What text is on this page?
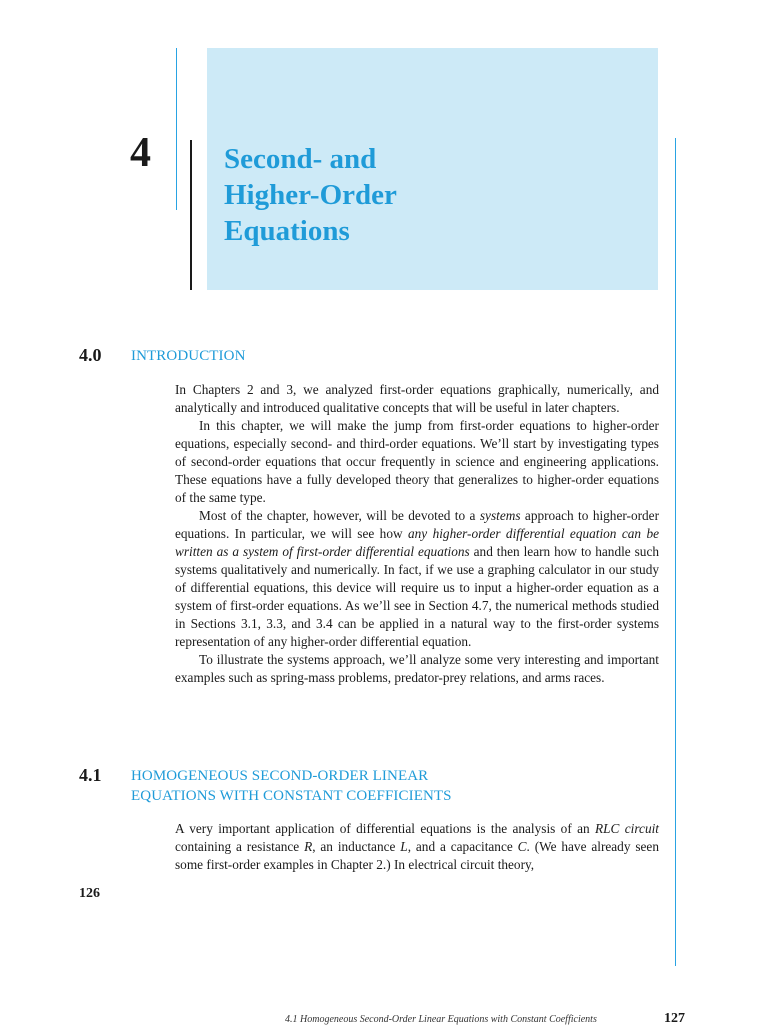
4	Second- and
Higher-Order
Equations
4.0 INTRODUCTION

In Chapters 2 and 3, we analyzed first-order equations graphically, numerically, and analytically and introduced qualitative concepts that will be useful in later chapters.

In this chapter, we will make the jump from first-order equations to higher-order equations, especially second- and third-order equations. We’ll start by investigating types of second-order equations that occur frequently in science and engineering applications. These equations have a fully developed theory that generalizes to higher-order equations of the same type.

Most of the chapter, however, will be devoted to a systems approach to higher-order equations. In particular, we will see how any higher-order differential equation can be written as a system of first-order differential equations and then learn how to handle such systems qualitatively and numerically. In fact, if we use a graphing calculator in our study of differential equations, this device will require us to input a higher-order equation as a system of first-order equations. As we’ll see in Section 4.7, the numerical methods studied in Sections 3.1, 3.3, and 3.4 can be applied in a natural way to the first-order systems representation of any higher-order differential equation.

To illustrate the systems approach, we’ll analyze some very interesting and important examples such as spring-mass problems, predator-prey relations, and arms races.

4.1 HOMOGENEOUS SECOND-ORDER LINEAR
EQUATIONS WITH CONSTANT COEFFICIENTS

A very important application of differential equations is the analysis of an RLC circuit containing a resistance R, an inductance L, and a capacitance C. (We have already seen some first-order examples in Chapter 2.) In electrical circuit theory,

126
4.1 Homogeneous Second-Order Linear Equations with Constant Coefficients	127
